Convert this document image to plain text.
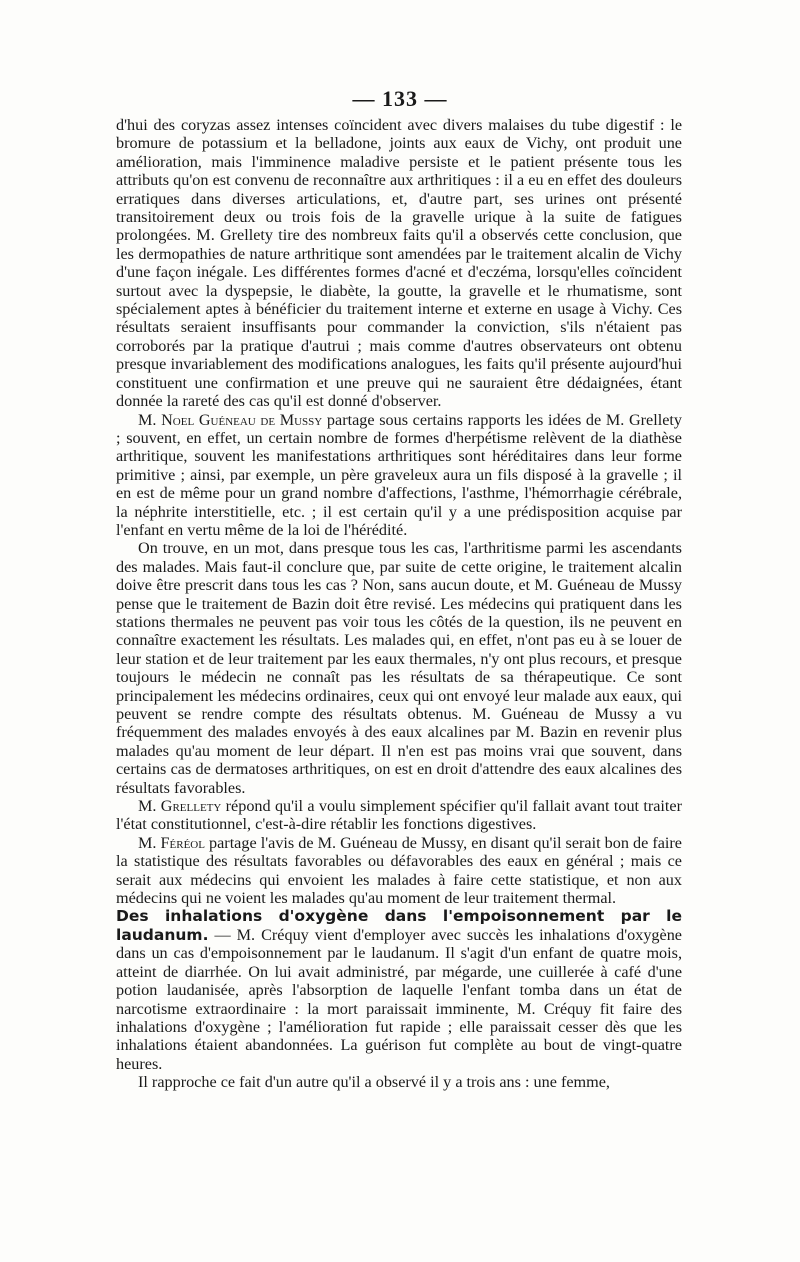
— 133 —

d'hui des coryzas assez intenses coïncident avec divers malaises du tube digestif : le bromure de potassium et la belladone, joints aux eaux de Vichy, ont produit une amélioration, mais l'imminence maladive persiste et le patient présente tous les attributs qu'on est convenu de reconnaître aux arthritiques : il a eu en effet des douleurs erratiques dans diverses articulations, et, d'autre part, ses urines ont présenté transitoirement deux ou trois fois de la gravelle urique à la suite de fatigues prolongées. M. Grellety tire des nombreux faits qu'il a observés cette conclusion, que les dermopathies de nature arthritique sont amendées par le traitement alcalin de Vichy d'une façon inégale. Les différentes formes d'acné et d'eczéma, lorsqu'elles coïncident surtout avec la dyspepsie, le diabète, la goutte, la gravelle et le rhumatisme, sont spécialement aptes à bénéficier du traitement interne et externe en usage à Vichy. Ces résultats seraient insuffisants pour commander la conviction, s'ils n'étaient pas corroborés par la pratique d'autrui ; mais comme d'autres observateurs ont obtenu presque invariablement des modifications analogues, les faits qu'il présente aujourd'hui constituent une confirmation et une preuve qui ne sauraient être dédaignées, étant donnée la rareté des cas qu'il est donné d'observer.

M. Noel Guéneau de Mussy partage sous certains rapports les idées de M. Grellety ; souvent, en effet, un certain nombre de formes d'herpétisme relèvent de la diathèse arthritique, souvent les manifestations arthritiques sont héréditaires dans leur forme primitive ; ainsi, par exemple, un père graveleux aura un fils disposé à la gravelle ; il en est de même pour un grand nombre d'affections, l'asthme, l'hémorrhagie cérébrale, la néphrite interstitielle, etc. ; il est certain qu'il y a une prédisposition acquise par l'enfant en vertu même de la loi de l'hérédité.

On trouve, en un mot, dans presque tous les cas, l'arthritisme parmi les ascendants des malades. Mais faut-il conclure que, par suite de cette origine, le traitement alcalin doive être prescrit dans tous les cas ? Non, sans aucun doute, et M. Guéneau de Mussy pense que le traitement de Bazin doit être revisé. Les médecins qui pratiquent dans les stations thermales ne peuvent pas voir tous les côtés de la question, ils ne peuvent en connaître exactement les résultats. Les malades qui, en effet, n'ont pas eu à se louer de leur station et de leur traitement par les eaux thermales, n'y ont plus recours, et presque toujours le médecin ne connaît pas les résultats de sa thérapeutique. Ce sont principalement les médecins ordinaires, ceux qui ont envoyé leur malade aux eaux, qui peuvent se rendre compte des résultats obtenus. M. Guéneau de Mussy a vu fréquemment des malades envoyés à des eaux alcalines par M. Bazin en revenir plus malades qu'au moment de leur départ. Il n'en est pas moins vrai que souvent, dans certains cas de dermatoses arthritiques, on est en droit d'attendre des eaux alcalines des résultats favorables.

M. Grellety répond qu'il a voulu simplement spécifier qu'il fallait avant tout traiter l'état constitutionnel, c'est-à-dire rétablir les fonctions digestives.

M. Féréol partage l'avis de M. Guéneau de Mussy, en disant qu'il serait bon de faire la statistique des résultats favorables ou défavorables des eaux en général ; mais ce serait aux médecins qui envoient les malades à faire cette statistique, et non aux médecins qui ne voient les malades qu'au moment de leur traitement thermal.

Des inhalations d'oxygène dans l'empoisonnement par le laudanum. — M. Créquy vient d'employer avec succès les inhalations d'oxygène dans un cas d'empoisonnement par le laudanum. Il s'agit d'un enfant de quatre mois, atteint de diarrhée. On lui avait administré, par mégarde, une cuillerée à café d'une potion laudanisée, après l'absorption de laquelle l'enfant tomba dans un état de narcotisme extraordinaire : la mort paraissait imminente, M. Créquy fit faire des inhalations d'oxygène ; l'amélioration fut rapide ; elle paraissait cesser dès que les inhalations étaient abandonnées. La guérison fut complète au bout de vingt-quatre heures.

Il rapproche ce fait d'un autre qu'il a observé il y a trois ans : une femme,
